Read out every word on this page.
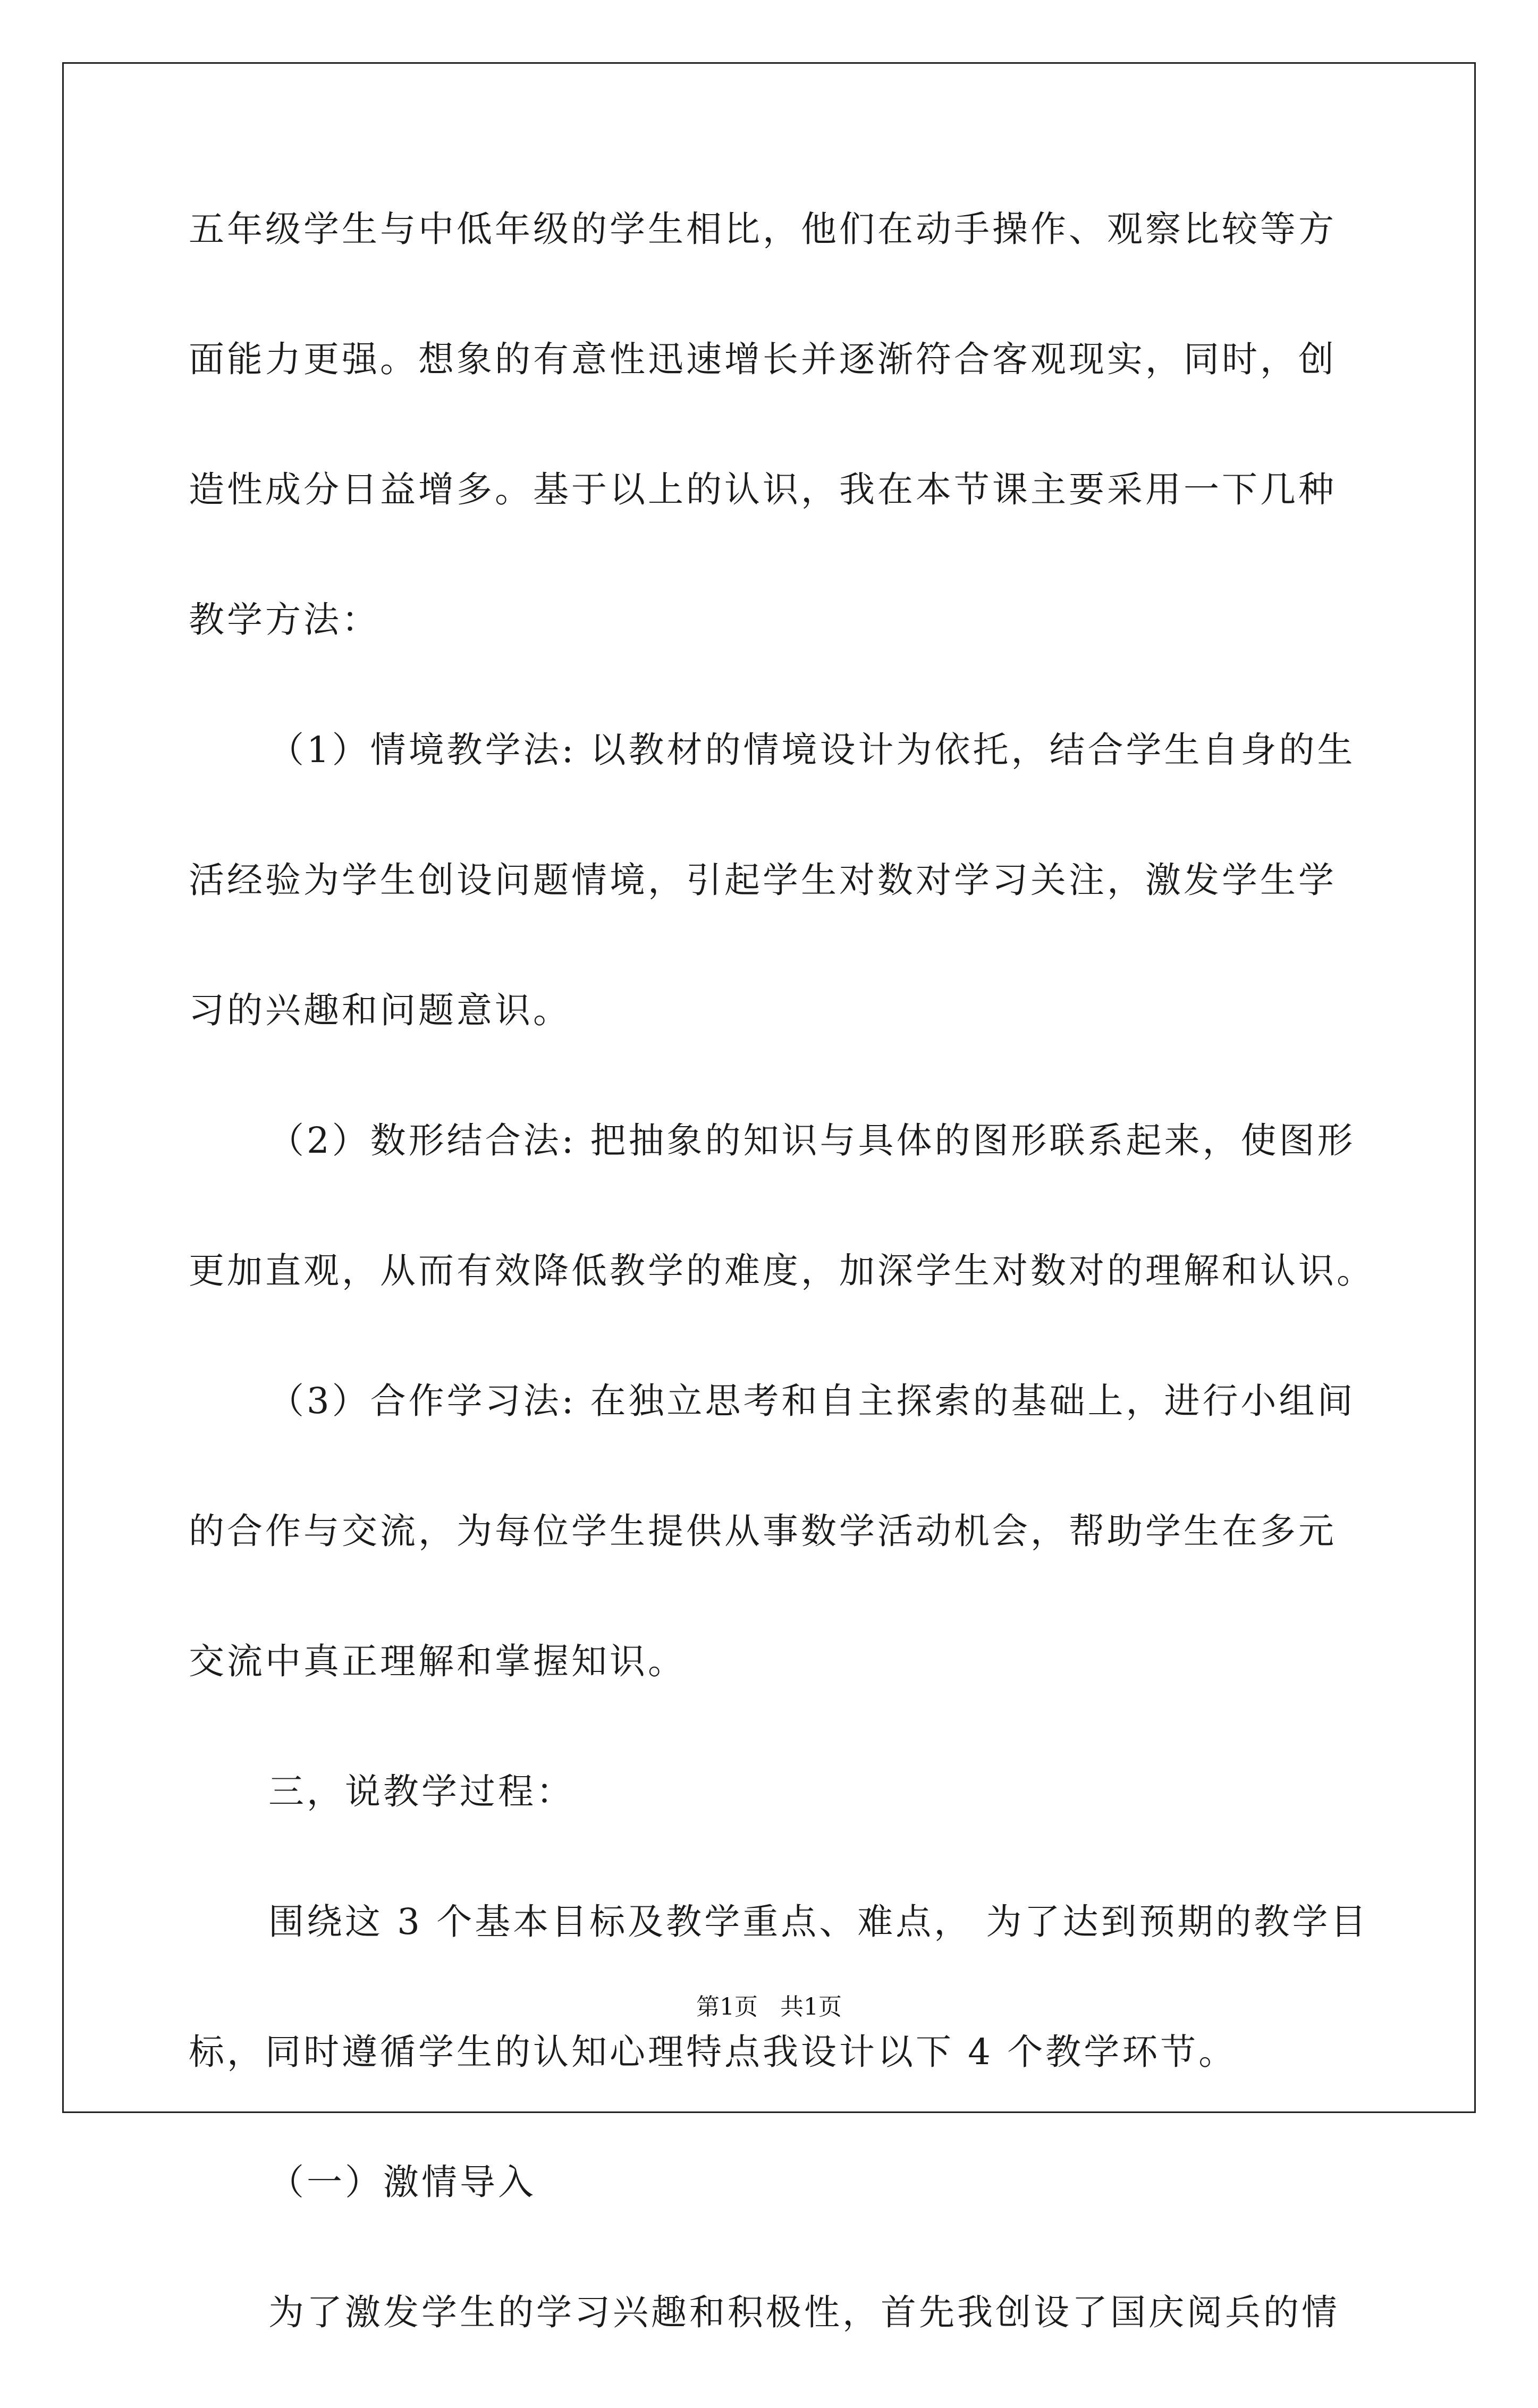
五年级学生与中低年级的学生相比，他们在动手操作、观察比较等方
面能力更强。想象的有意性迅速增长并逐渐符合客观现实，同时，创
造性成分日益增多。基于以上的认识，我在本节课主要采用一下几种
教学方法：
（1）情境教学法: 以教材的情境设计为依托，结合学生自身的生
活经验为学生创设问题情境，引起学生对数对学习关注，激发学生学
习的兴趣和问题意识。
（2）数形结合法: 把抽象的知识与具体的图形联系起来，使图形
更加直观，从而有效降低教学的难度，加深学生对数对的理解和认识。
（3）合作学习法: 在独立思考和自主探索的基础上，进行小组间
的合作与交流，为每位学生提供从事数学活动机会，帮助学生在多元
交流中真正理解和掌握知识。
三，说教学过程：
围绕这 3 个基本目标及教学重点、难点， 为了达到预期的教学目
标，同时遵循学生的认知心理特点我设计以下 4 个教学环节。
（一）激情导入
为了激发学生的学习兴趣和积极性，首先我创设了国庆阅兵的情
第1页   共1页
